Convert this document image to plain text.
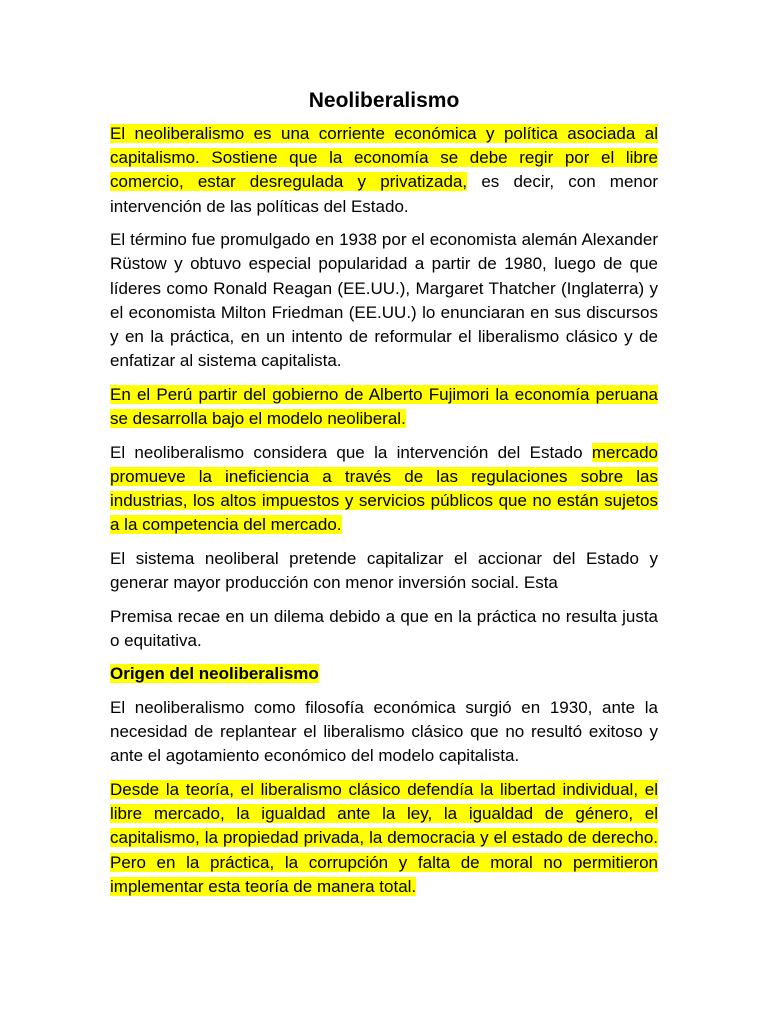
Neoliberalismo

El neoliberalismo es una corriente económica y política asociada al capitalismo. Sostiene que la economía se debe regir por el libre comercio, estar desregulada y privatizada, es decir, con menor intervención de las políticas del Estado.

El término fue promulgado en 1938 por el economista alemán Alexander Rüstow y obtuvo especial popularidad a partir de 1980, luego de que líderes como Ronald Reagan (EE.UU.), Margaret Thatcher (Inglaterra) y el economista Milton Friedman (EE.UU.) lo enunciaran en sus discursos y en la práctica, en un intento de reformular el liberalismo clásico y de enfatizar al sistema capitalista.

En el Perú partir del gobierno de Alberto Fujimori la economía peruana se desarrolla bajo el modelo neoliberal.

El neoliberalismo considera que la intervención del Estado mercado promueve la ineficiencia a través de las regulaciones sobre las industrias, los altos impuestos y servicios públicos que no están sujetos a la competencia del mercado.

El sistema neoliberal pretende capitalizar el accionar del Estado y generar mayor producción con menor inversión social. Esta

Premisa recae en un dilema debido a que en la práctica no resulta justa o equitativa.

Origen del neoliberalismo

El neoliberalismo como filosofía económica surgió en 1930, ante la necesidad de replantear el liberalismo clásico que no resultó exitoso y ante el agotamiento económico del modelo capitalista.

Desde la teoría, el liberalismo clásico defendía la libertad individual, el libre mercado, la igualdad ante la ley, la igualdad de género, el capitalismo, la propiedad privada, la democracia y el estado de derecho. Pero en la práctica, la corrupción y falta de moral no permitieron implementar esta teoría de manera total.
